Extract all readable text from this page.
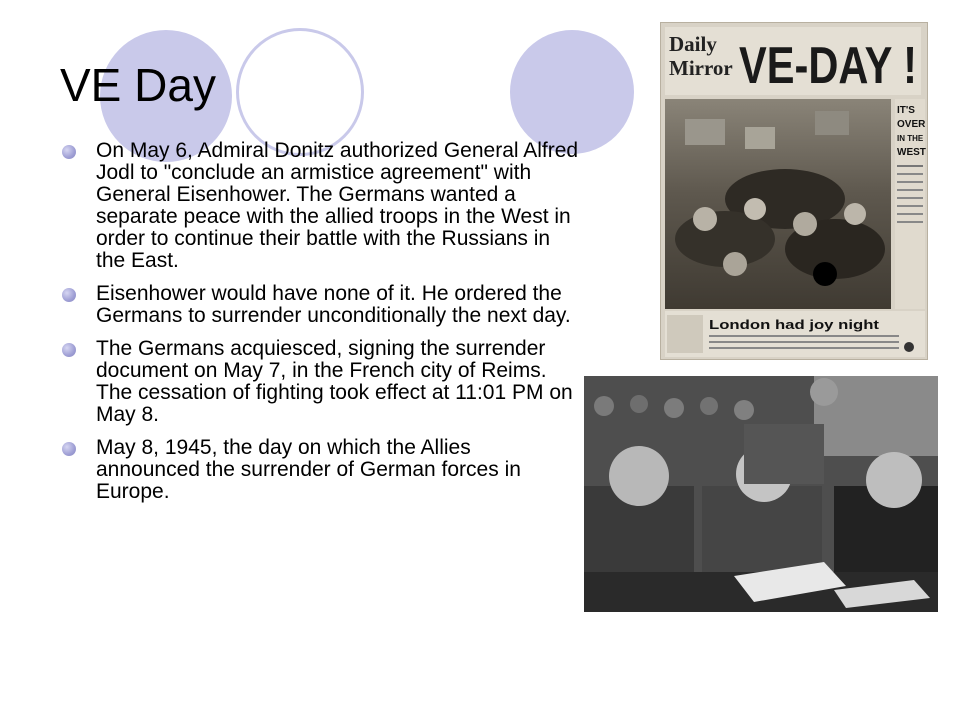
VE Day
On May 6, Admiral Donitz authorized General Alfred Jodl to "conclude an armistice agreement" with General Eisenhower. The Germans wanted a separate peace with the allied troops in the West in order to continue their battle with the Russians in the East.
Eisenhower would have none of it. He ordered the Germans to surrender unconditionally the next day.
The Germans acquiesced, signing the surrender document on May 7, in the French city of Reims. The cessation of fighting took effect at 11:01 PM on May 8.
May 8, 1945, the day on which the Allies announced the surrender of German forces in Europe.
Daily
Mirror VE-DAY !
IT'S
OVER
IN THE
WEST
London had joy night
